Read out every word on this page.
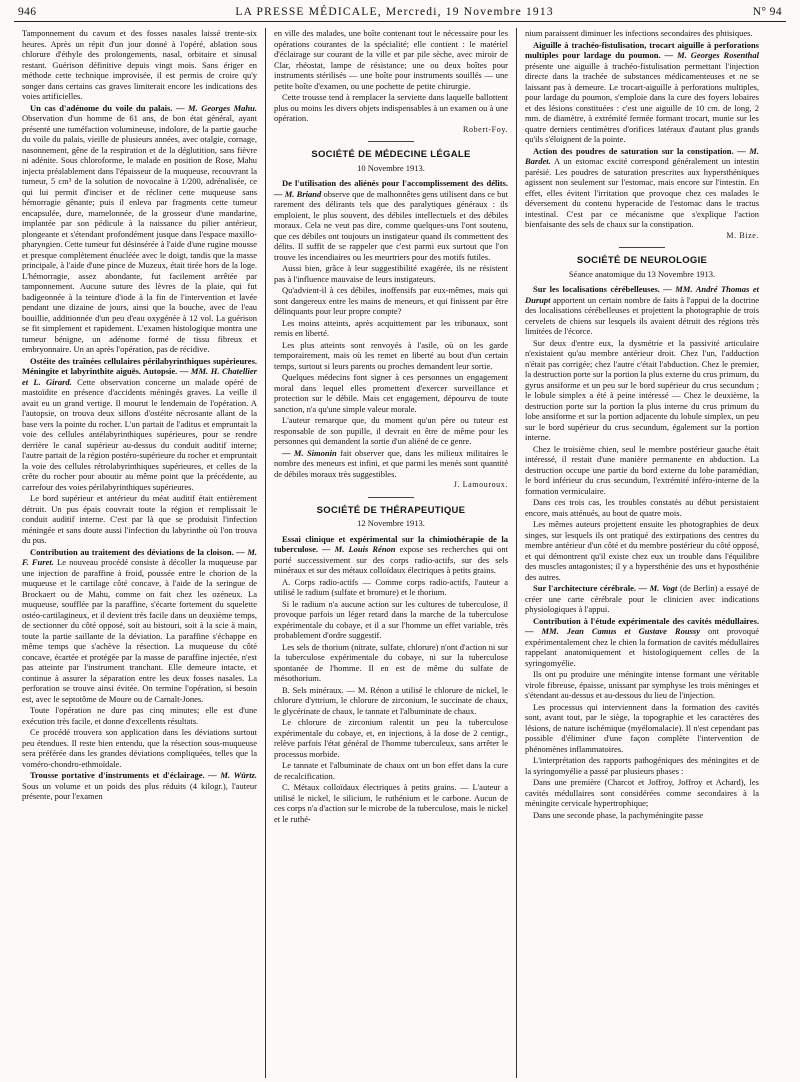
946	LA PRESSE MÉDICALE, Mercredi, 19 Novembre 1913	N° 94

Tamponnement du cavum et des fosses nasales laissé trente-six heures. Après un répit d'un jour donné à l'opéré, ablation sous chlorure d'éthyle des prolongements, nasal, orbitaire et sinusal restant. Guérison définitive depuis vingt mois. Sans ériger en méthode cette technique improvisée, il est permis de croire qu'y songer dans certains cas graves limiterait encore les indications des voies artificielles.

Un cas d'adénome du voile du palais. — M. Georges Mahu. Observation d'un homme de 61 ans, de bon état général, ayant présenté une tuméfaction volumineuse, indolore, de la partie gauche du voile du palais, vieille de plusieurs années, avec otalgie, cornage, nasonnement, gêne de la respiration et de la déglutition, sans fièvre ni adénite. Sous chloroforme, le malade en position de Rose, Mahu injecta préalablement dans l'épaisseur de la muqueuse, recouvrant la tumeur, 5 cm³ de la solution de novocaïne à 1/200, adrénalisée, ce qui lui permit d'inciser et de récliner cette muqueuse sans hémorragie gênante; puis il enleva par fragments cette tumeur encapsulée, dure, mamelonnée, de la grosseur d'une mandarine, implantée par son pédicule à la naissance du pilier antérieur, plongeante et s'étendant profondément jusque dans l'espace maxillo-pharyngien. Cette tumeur fut désinsérée à l'aide d'une rugine mousse et presque complètement énucléée avec le doigt, tandis que la masse principale, à l'aide d'une pince de Muzeux, était tirée hors de la loge. L'hémorragie, assez abondante, fut facilement arrêtée par tamponnement. Aucune suture des lèvres de la plaie, qui fut badigeonnée à la teinture d'iode à la fin de l'intervention et lavée pendant une dizaine de jours, ainsi que la bouche, avec de l'eau bouillie, additionnée d'un peu d'eau oxygénée à 12 vol. La guérison se fit simplement et rapidement. L'examen histologique montra une tumeur bénigne, un adénome formé de tissu fibreux et embryonnaire. Un an après l'opération, pas de récidive.

Ostéite des traînées cellulaires périlabyrinthiques supérieures. Méningite et labyrinthite aiguës. Autopsie. — MM. H. Chatellier et L. Girard. Cette observation concerne un malade opéré de mastoïdite en présence d'accidents méningés graves. La veille il avait eu un grand vertige. Il mourut le lendemain de l'opération. A l'autopsie, on trouva deux sillons d'ostéite nécrosante allant de la base vers la pointe du rocher. L'un partait de l'aditus et empruntait la voie des cellules antélabyrinthiques supérieures, pour se rendre derrière le canal supérieur au-dessus du conduit auditif interne; l'autre partait de la région postéro-supérieure du rocher et empruntait la voie des cellules rétrolabyrinthiques supérieures, et celles de la crête du rocher pour aboutir au même point que la précédente, au carrefour des voies périlabyrinthiques supérieures.

Le bord supérieur et antérieur du méat auditif était entièrement détruit. Un pus épais couvrait toute la région et remplissait le conduit auditif interne. C'est par là que se produisit l'infection méningée et sans doute aussi l'infection du labyrinthe où l'on trouva du pus.

Contribution au traitement des déviations de la cloison. — M. F. Furet. Le nouveau procédé consiste à décoller la muqueuse par une injection de paraffine à froid, poussée entre le chorion de la muqueuse et le cartilage côté concave, à l'aide de la seringue de Brockaert ou de Mahu, comme on fait chez les ozéneux. La muqueuse, soufflée par la paraffine, s'écarte fortement du squelette ostéo-cartilagineux, et il devient très facile dans un deuxième temps, de sectionner du côté opposé, soit au bistouri, soit à la scie à main, toute la partie saillante de la déviation. La paraffine s'échappe en même temps que s'achève la résection. La muqueuse du côté concave, écartée et protégée par la masse de paraffine injectée, n'est pas atteinte par l'instrument tranchant. Elle demeure intacte, et continue à assurer la séparation entre les deux fosses nasales. La perforation se trouve ainsi évitée. On termine l'opération, si besoin est, avec le septotôme de Moure ou de Carnalt-Jones.

Toute l'opération ne dure pas cinq minutes; elle est d'une exécution très facile, et donne d'excellents résultats.

Ce procédé trouvera son application dans les déviations surtout peu étendues. Il reste bien entendu, que la résection sous-muqueuse sera préférée dans les grandes déviations compliquées, telles que la voméro-chondro-ethmoïdale.

Trousse portative d'instruments et d'éclairage. — M. Würtz. Sous un volume et un poids des plus réduits (4 kilogr.), l'auteur présente, pour l'examen

en ville des malades, une boîte contenant tout le nécessaire pour les opérations courantes de la spécialité; elle contient : le matériel d'éclairage sur courant de la ville et par pile sèche, avec miroir de Clar, rhéostat, lampe de résistance; une ou deux boîtes pour instruments stérilisés — une boîte pour instruments souillés — une petite boîte d'examen, ou une pochette de petite chirurgie.

Cette trousse tend à remplacer la serviette dans laquelle ballottent plus ou moins les divers objets indispensables à un examen ou à une opération.

Robert-Foy.
SOCIÉTÉ DE MÉDECINE LÉGALE
10 Novembre 1913.

De l'utilisation des aliénés pour l'accomplissement des délits. — M. Briand observe que de malhonnêtes gens utilisent dans ce but rarement des délirants tels que des paralytiques généraux : ils emploient, le plus souvent, des débiles intellectuels et des débiles moraux. Cela ne veut pas dire, comme quelques-uns l'ont soutenu, que ces débiles ont toujours un instigateur quand ils commettent des délits. Il suffit de se rappeler que c'est parmi eux surtout que l'on trouve les incendiaires ou les meurtriers pour des motifs futiles.

Aussi bien, grâce à leur suggestibilité exagérée, ils ne résistent pas à l'influence mauvaise de leurs instigateurs.

Qu'advient-il à ces débiles, inoffensifs par eux-mêmes, mais qui sont dangereux entre les mains de meneurs, et qui finissent par être délinquants pour leur propre compte?

Les moins atteints, après acquittement par les tribunaux, sont remis en liberté.

Les plus atteints sont renvoyés à l'asile, où on les garde temporairement, mais où les remet en liberté au bout d'un certain temps, surtout si leurs parents ou proches demandent leur sortie.

Quelques médecins font signer à ces personnes un engagement moral dans lequel elles promettent d'exercer surveillance et protection sur le débile. Mais cet engagement, dépourvu de toute sanction, n'a qu'une simple valeur morale.

L'auteur remarque que, du moment qu'un père ou tuteur est responsable de son pupille, il devrait en être de même pour les personnes qui demandent la sortie d'un aliéné de ce genre.

— M. Simonin fait observer que, dans les milieux militaires le nombre des meneurs est infini, et que parmi les menés sont quantité de débiles moraux très suggestibles.

J. Lamouroux.
SOCIÉTÉ DE THÉRAPEUTIQUE
12 Novembre 1913.

Essai clinique et expérimental sur la chimiothérapie de la tuberculose. — M. Louis Rénon expose ses recherches qui ont porté successivement sur des corps radio-actifs, sur des sels minéraux et sur des métaux colloïdaux électriques à petits grains.

A. Corps radio-actifs — Comme corps radio-actifs, l'auteur a utilisé le radium (sulfate et bromure) et le thorium.

Si le radium n'a aucune action sur les cultures de tuberculose, il provoque parfois un léger retard dans la marche de la tuberculose expérimentale du cobaye, et il a sur l'homme un effet variable, très probablement d'ordre suggestif.

Les sels de thorium (nitrate, sulfate, chlorure) n'ont d'action ni sur la tuberculose expérimentale du cobaye, ni sur la tuberculose spontanée de l'homme. Il en est de même du sulfate de mésothorium.

B. Sels minéraux. — M. Rénon a utilisé le chlorure de nickel, le chlorure d'yttrium, le chlorure de zirconium, le succinate de chaux, le glycérinate de chaux, le tannate et l'albuminate de chaux.

Le chlorure de zirconium ralentit un peu la tuberculose expérimentale du cobaye, et, en injections, à la dose de 2 centigr., relève parfois l'état général de l'homme tuberculeux, sans arrêter le processus morbide.

Le tannate et l'albuminate de chaux ont un bon effet dans la cure de recalcification.

C. Métaux colloïdaux électriques à petits grains. — L'auteur a utilisé le nickel, le silicium, le ruthénium et le carbone. Aucun de ces corps n'a d'action sur le microbe de la tuberculose, mais le nickel et le ruthé-

nium paraissent diminuer les infections secondaires des phtisiques.

Aiguille à trachéo-fistulisation, trocart aiguille à perforations multiples pour lardage du poumon. — M. Georges Rosenthal présente une aiguille à trachéo-fistulisation permettant l'injection directe dans la trachée de substances médicamenteuses et ne se laissant pas à demeure. Le trocart-aiguille à perforations multiples, pour lardage du poumon, s'emploie dans la cure des foyers lobaires et des lésions constituées : c'est une aiguille de 10 cm. de long, 2 mm. de diamètre, à extrémité fermée formant trocart, munie sur les quatre derniers centimètres d'orifices latéraux d'autant plus grands qu'ils s'éloignent de la pointe.

Action des poudres de saturation sur la constipation. — M. Bardet. A un estomac excité correspond généralement un intestin parésié. Les poudres de saturation prescrites aux hypersthéniques agissent non seulement sur l'estomac, mais encore sur l'intestin. En effet, elles évitent l'irritation que provoque chez ces malades le déversement du contenu hyperacide de l'estomac dans le tractus intestinal. C'est par ce mécanisme que s'explique l'action bienfaisante des sels de chaux sur la constipation.

M. Bize.
SOCIÉTÉ DE NEUROLOGIE
Séance anatomique du 13 Novembre 1913.

Sur les localisations cérébelleuses. — MM. André Thomas et Durupt apportent un certain nombre de faits à l'appui de la doctrine des localisations cérébelleuses et projettent la photographie de trois cervelets de chiens sur lesquels ils avaient détruit des régions très limitées de l'écorce.

Sur deux d'entre eux, la dysmétrie et la passivité articulaire n'existaient qu'au membre antérieur droit. Chez l'un, l'adduction n'était pas corrigée; chez l'autre c'était l'abduction. Chez le premier, la destruction porte sur la portion la plus externe du crus primum, du gyrus ansiforme et un peu sur le bord supérieur du crus secundum ; le lobule simplex a été à peine intéressé — Chez le deuxième, la destruction porte sur la portion la plus interne du crus primum du lobe ansiforme et sur la portion adjacente du lobule simplex, un peu sur le bord supérieur du crus secundum, également sur la portion interne.

Chez le troisième chien, seul le membre postérieur gauche était intéressé, il restait d'une manière permanente en abduction. La destruction occupe une partie du bord externe du lobe paramédian, le bord inférieur du crus secundum, l'extrémité inféro-interne de la formation vermiculaire.

Dans ces trois cas, les troubles constatés au début persistaient encore, mais atténués, au bout de quatre mois.

Les mêmes auteurs projettent ensuite les photographies de deux singes, sur lesquels ils ont pratiqué des extirpations des centres du membre antérieur d'un côté et du membre postérieur du côté opposé, et qui démontrent qu'il existe chez eux un trouble dans l'équilibre des muscles antagonistes; il y a hypersthénie des uns et hyposthénie des autres.

Sur l'architecture cérébrale. — M. Vogt (de Berlin) a essayé de créer une carte cérébrale pour le clinicien avec indications physiologiques à l'appui.

Contribution à l'étude expérimentale des cavités médullaires. — MM. Jean Camus et Gustave Roussy ont provoqué expérimentalement chez le chien la formation de cavités médullaires rappelant anatomiquement et histologiquement celles de la syringomyélie.

Ils ont pu produire une méningite intense formant une véritable virole fibreuse, épaisse, unissant par symphyse les trois méninges et s'étendant au-dessus et au-dessous du lieu de l'injection.

Les processus qui interviennent dans la formation des cavités sont, avant tout, par le siège, la topographie et les caractères des lésions, de nature ischémique (myélomalacie). Il n'est cependant pas possible d'éliminer d'une façon complète l'intervention de phénomènes inflammatoires.

L'interprétation des rapports pathogéniques des méningites et de la syringomyélie a passé par plusieurs phases :

Dans une première (Charcot et Joffroy, Joffroy et Achard), les cavités médullaires sont considérées comme secondaires à la méningite cervicale hypertrophique;

Dans une seconde phase, la pachyméningite passe
